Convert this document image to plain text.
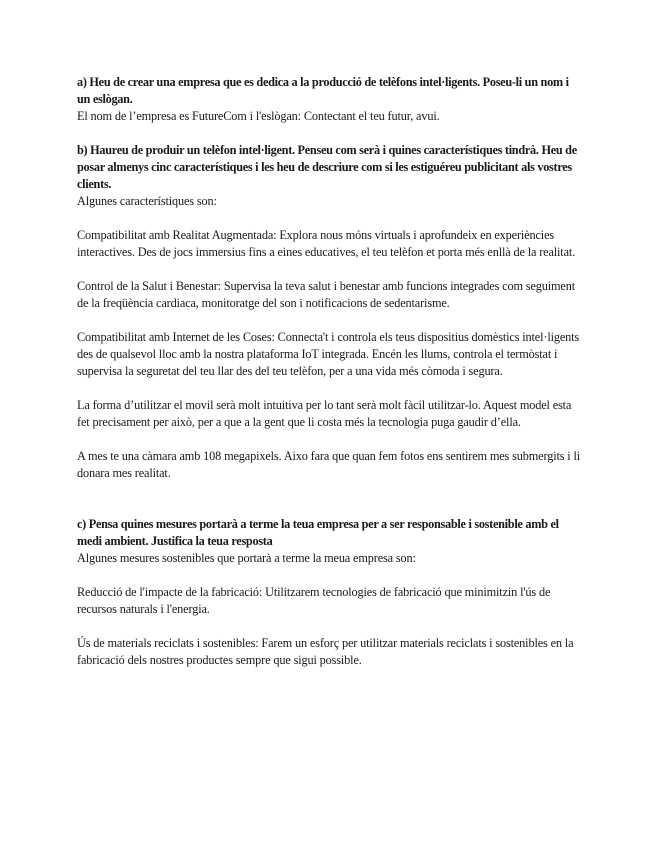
a) Heu de crear una empresa que es dedica a la producció de telèfons intel·ligents. Poseu-li un nom i un eslògan.

El nom de l’empresa es FutureCom i l'eslògan: Contectant el teu futur, avui.

b) Haureu de produir un telèfon intel·ligent. Penseu com serà i quines característiques tindrà. Heu de posar almenys cinc característiques i les heu de descriure com si les estiguéreu publicitant als vostres clients.

Algunes característiques son:

Compatibilitat amb Realitat Augmentada: Explora nous móns virtuals i aprofundeix en experiències interactives. Des de jocs immersius fins a eines educatives, el teu telèfon et porta més enllà de la realitat.

Control de la Salut i Benestar: Supervisa la teva salut i benestar amb funcions integrades com seguiment de la freqüència cardiaca, monitoratge del son i notificacions de sedentarisme.

Compatibilitat amb Internet de les Coses: Connecta't i controla els teus dispositius domèstics intel·ligents des de qualsevol lloc amb la nostra plataforma IoT integrada. Encén les llums, controla el termòstat i supervisa la seguretat del teu llar des del teu telèfon, per a una vida més còmoda i segura.

La forma d’utilitzar el movil serà molt intuitiva per lo tant serà molt fàcil utilitzar-lo. Aquest model esta fet precisament per això, per a que a la gent que li costa més la tecnologia puga gaudir d’ella.

A mes te una càmara amb 108 megapixels. Aixo fara que quan fem fotos ens sentirem mes submergits i li donara mes realitat.

c) Pensa quines mesures portarà a terme la teua empresa per a ser responsable i sostenible amb el medi ambient. Justifica la teua resposta

Algunes mesures sostenibles que portarà a terme la meua empresa son:

Reducció de l'impacte de la fabricació: Utilitzarem tecnologies de fabricació que minimitzin l'ús de recursos naturals i l'energia.

Ús de materials reciclats i sostenibles: Farem un esforç per utilitzar materials reciclats i sostenibles en la fabricació dels nostres productes sempre que sigui possible.
